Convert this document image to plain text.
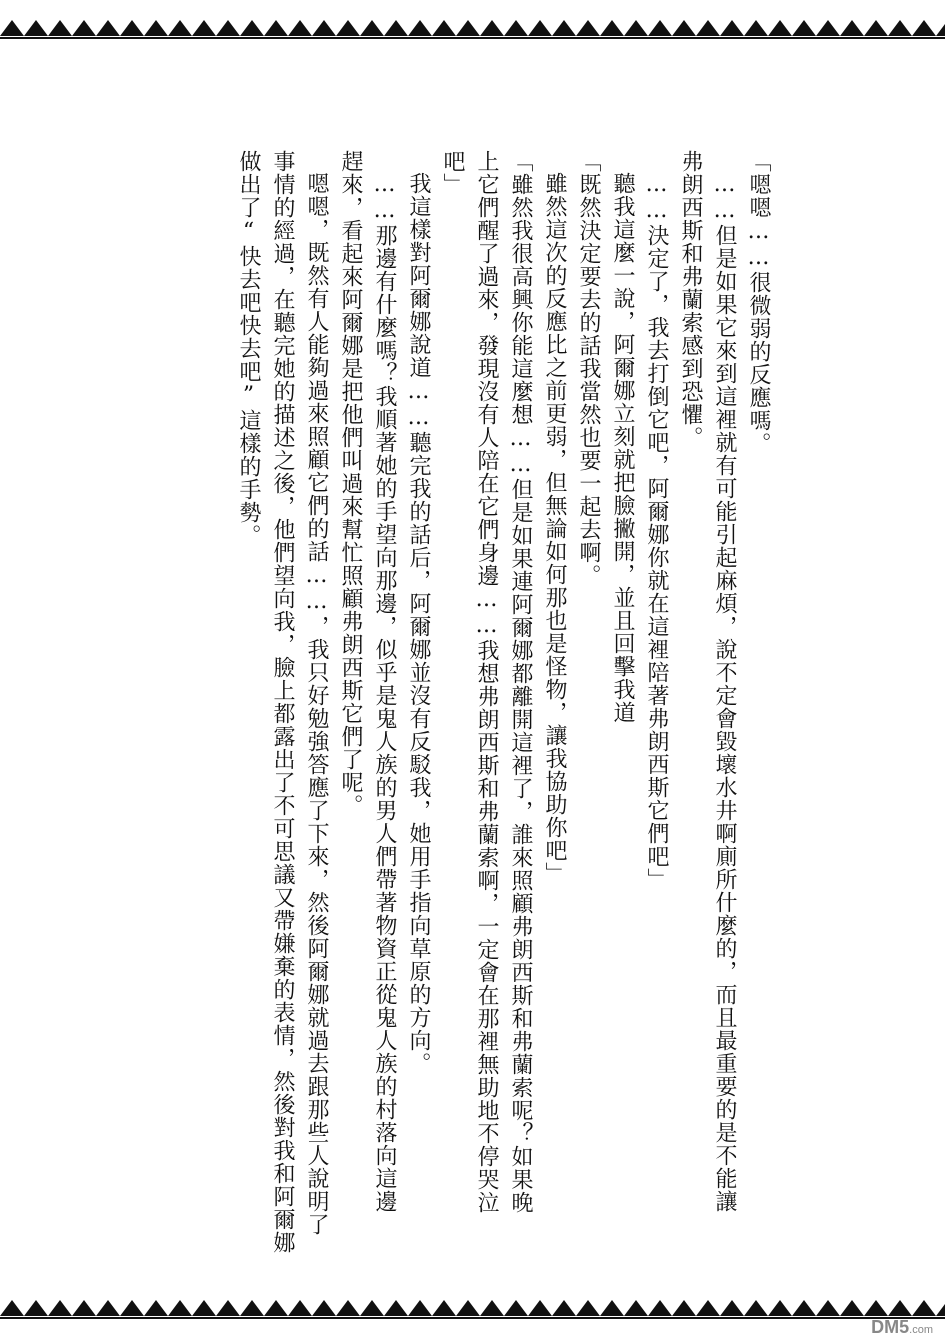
「嗯嗯……很微弱的反應嗎。
……但是如果它來到這裡就有可能引起麻煩，說不定會毀壞水井啊廁所什麼的，而且最重要的是不能讓
弗朗西斯和弗蘭索感到恐懼。
……決定了，我去打倒它吧，阿爾娜你就在這裡陪著弗朗西斯它們吧」
聽我這麼一說，阿爾娜立刻就把臉撇開，並且回擊我道
「既然決定要去的話我當然也要一起去啊。
雖然這次的反應比之前更弱，但無論如何那也是怪物，讓我協助你吧」
「雖然我很高興你能這麼想……但是如果連阿爾娜都離開這裡了，誰來照顧弗朗西斯和弗蘭索呢？如果晚
上它們醒了過來，發現沒有人陪在它們身邊……我想弗朗西斯和弗蘭索啊，一定會在那裡無助地不停哭泣
吧」
我這樣對阿爾娜說道……聽完我的話后，阿爾娜並沒有反駁我，她用手指向草原的方向。
……那邊有什麼嗎？我順著她的手望向那邊，似乎是鬼人族的男人們帶著物資正從鬼人族的村落向這邊
趕來，看起來阿爾娜是把他們叫過來幫忙照顧弗朗西斯它們了呢。
嗯嗯，既然有人能夠過來照顧它們的話……，我只好勉強答應了下來，然後阿爾娜就過去跟那些人說明了
事情的經過，在聽完她的描述之後，他們望向我，臉上都露出了不可思議又帶嫌棄的表情，然後對我和阿爾娜
做出了“快去吧快去吧”這樣的手勢。
DM5.com
